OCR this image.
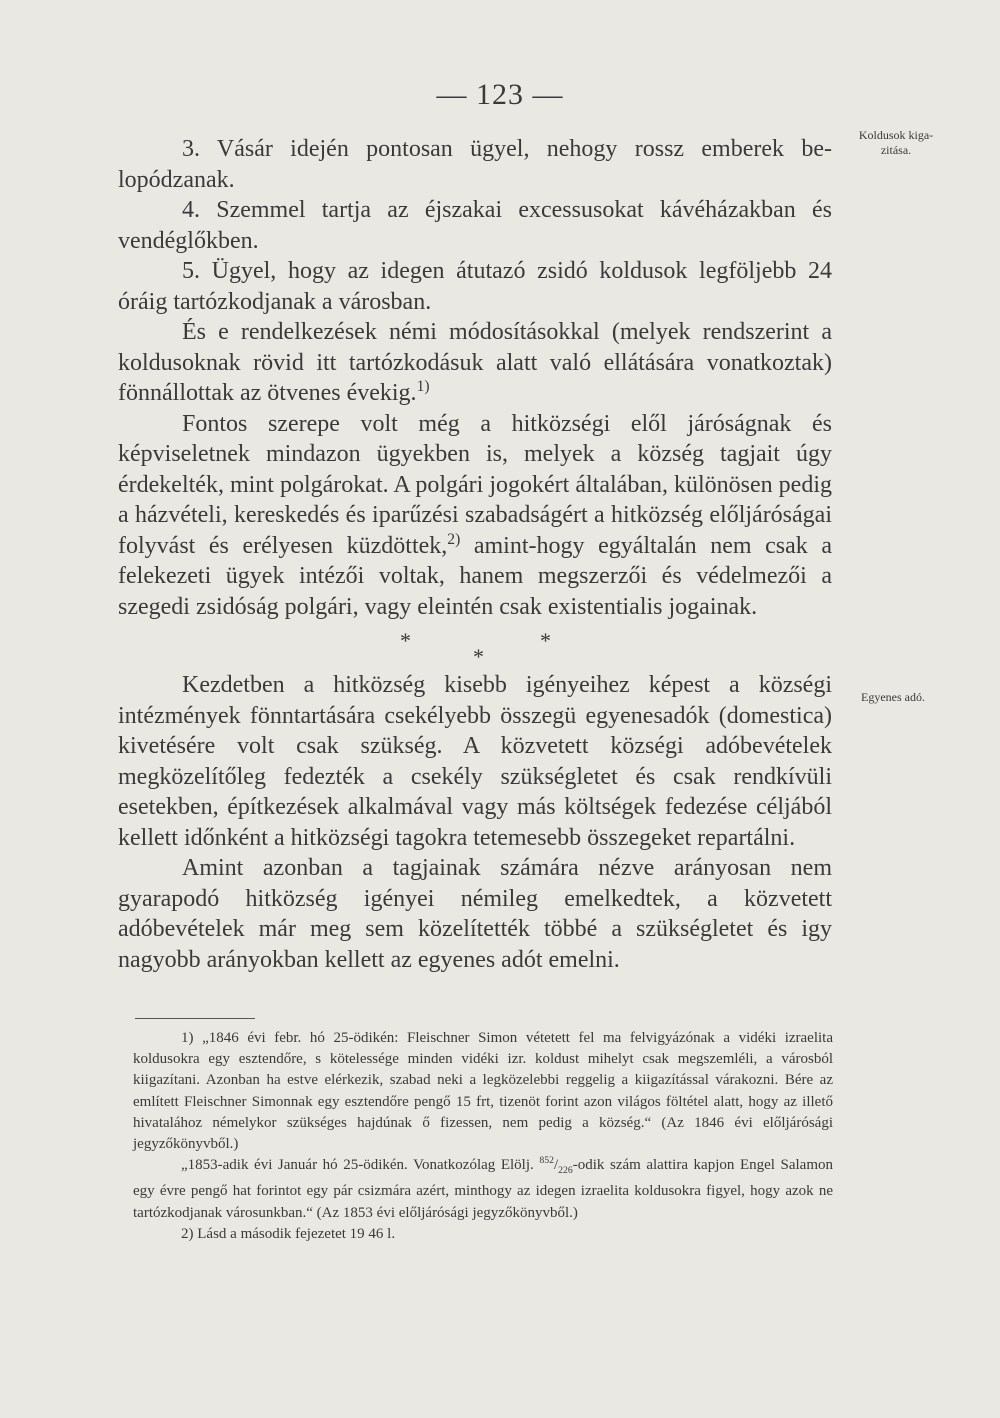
— 123 —
Koldusok kiga-
zitása.
Egyenes adó.

3. Vásár idején pontosan ügyel, nehogy rossz emberek be-lopódzanak.

4. Szemmel tartja az éjszakai excessusokat kávéházakban és vendéglőkben.

5. Ügyel, hogy az idegen átutazó zsidó koldusok legföljebb 24 óráig tartózkodjanak a városban.

És e rendelkezések némi módosításokkal (melyek rendszerint a koldusoknak rövid itt tartózkodásuk alatt való ellátására vonatkoztak) fönnállottak az ötvenes évekig.$^{1)}$

Fontos szerepe volt még a hitközségi elől járóságnak és képviseletnek mindazon ügyekben is, melyek a község tagjait úgy érdekelték, mint polgárokat. A polgári jogokért általában, különösen pedig a házvételi, kereskedés és iparűzési szabadságért a hitközség előljáróságai folyvást és erélyesen küzdöttek,$^{2)}$ amint-hogy egyáltalán nem csak a felekezeti ügyek intézői voltak, hanem megszerzői és védelmezői a szegedi zsidóság polgári, vagy eleintén csak existentialis jogainak.

*	*
*

Kezdetben a hitközség kisebb igényeihez képest a községi intézmények fönntartására csekélyebb összegü egyenesadók (domestica) kivetésére volt csak szükség. A közvetett községi adóbevételek megközelítőleg fedezték a csekély szükségletet és csak rendkívüli esetekben, építkezések alkalmával vagy más költségek fedezése céljából kellett időnként a hitközségi tagokra tetemesebb összegeket repartálni.

Amint azonban a tagjainak számára nézve arányosan nem gyarapodó hitközség igényei némileg emelkedtek, a közvetett adóbevételek már meg sem közelítették többé a szükségletet és igy nagyobb arányokban kellett az egyenes adót emelni.

1) „1846 évi febr. hó 25-ödikén: Fleischner Simon vétetett fel ma felvigyázónak a vidéki izraelita koldusokra egy esztendőre, s kötelessége minden vidéki izr. koldust mihelyt csak megszemléli, a városból kiigazítani. Azonban ha estve elérkezik, szabad neki a legközelebbi reggelig a kiigazítással várakozni. Bére az említett Fleischner Simonnak egy esztendőre pengő 15 frt, tizenöt forint azon világos föltétel alatt, hogy az illető hivatalához némelykor szükséges hajdúnak ő fizessen, nem pedig a község.“ (Az 1846 évi előljárósági jegyzőkönyvből.)

„1853-adik évi Január hó 25-ödikén. Vonatkozólag Elölj. $^{852}/_{226}$-odik szám alattira kapjon Engel Salamon egy évre pengő hat forintot egy pár csizmára azért, minthogy az idegen izraelita koldusokra figyel, hogy azok ne tartózkodjanak városunkban.“ (Az 1853 évi előljárósági jegyzőkönyvből.)

2) Lásd a második fejezetet 19 46 l.
